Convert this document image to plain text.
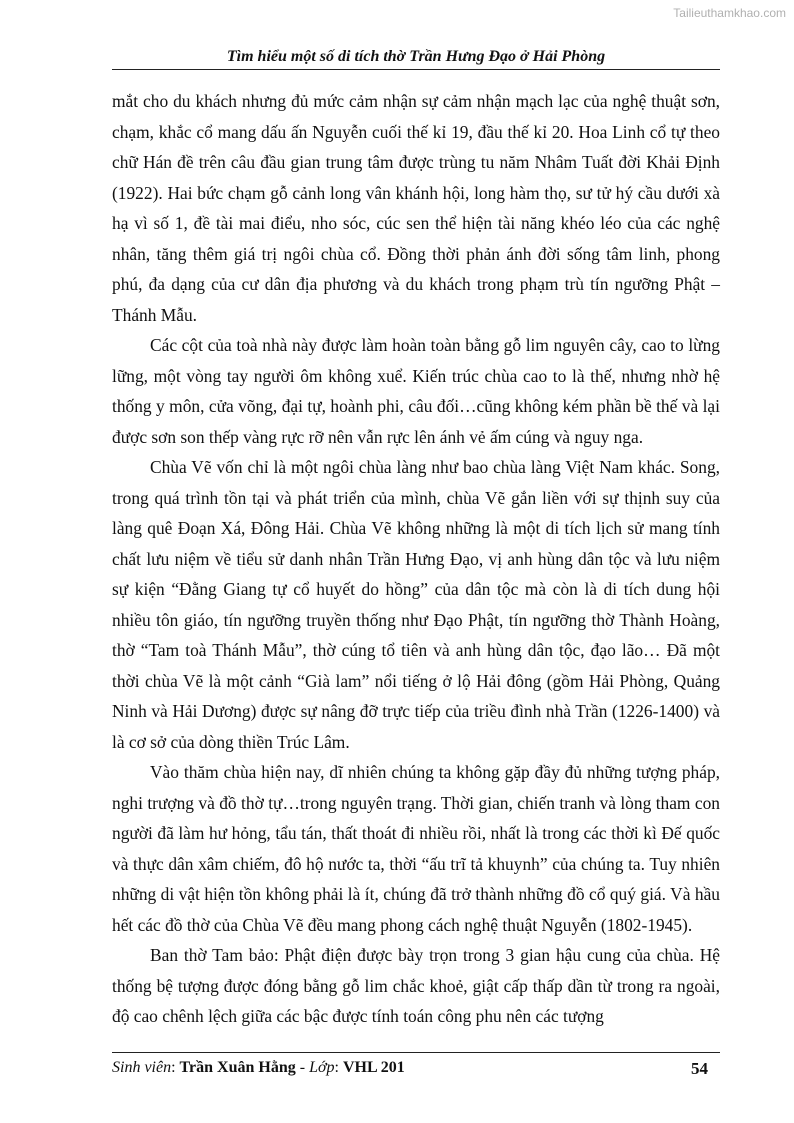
Tailieuthamkhao.com
Tìm hiểu một số di tích thờ Trần Hưng Đạo ở Hải Phòng

mắt cho du khách nhưng đủ mức cảm nhận sự cảm nhận mạch lạc của nghệ thuật sơn, chạm, khắc cổ mang dấu ấn Nguyễn cuối thế kỉ 19, đầu thế kỉ 20. Hoa Linh cổ tự theo chữ Hán đề trên câu đầu gian trung tâm được trùng tu năm Nhâm Tuất đời Khải Định (1922). Hai bức chạm gỗ cảnh long vân khánh hội, long hàm thọ, sư tử hý cầu dưới xà hạ vì số 1, đề tài mai điểu, nho sóc, cúc sen thể hiện tài năng khéo léo của các nghệ nhân, tăng thêm giá trị ngôi chùa cổ. Đồng thời phản ánh đời sống tâm linh, phong phú, đa dạng của cư dân địa phương và du khách trong phạm trù tín ngưỡng Phật – Thánh Mẫu.

Các cột của toà nhà này được làm hoàn toàn bằng gỗ lim nguyên cây, cao to lừng lững, một vòng tay người ôm không xuể. Kiến trúc chùa cao to là thế, nhưng nhờ hệ thống y môn, cửa võng, đại tự, hoành phi, câu đối…cũng không kém phần bề thế và lại được sơn son thếp vàng rực rỡ nên vẫn rực lên ánh vẻ ấm cúng và nguy nga.

Chùa Vẽ vốn chỉ là một ngôi chùa làng như bao chùa làng Việt Nam khác. Song, trong quá trình tồn tại và phát triển của mình, chùa Vẽ gắn liền với sự thịnh suy của làng quê Đoạn Xá, Đông Hải. Chùa Vẽ không những là một di tích lịch sử mang tính chất lưu niệm về tiểu sử danh nhân Trần Hưng Đạo, vị anh hùng dân tộc và lưu niệm sự kiện “Đằng Giang tự cổ huyết do hồng” của dân tộc mà còn là di tích dung hội nhiều tôn giáo, tín ngưỡng truyền thống như Đạo Phật, tín ngưỡng thờ Thành Hoàng, thờ “Tam toà Thánh Mẫu”, thờ cúng tổ tiên và anh hùng dân tộc, đạo lão… Đã một thời chùa Vẽ là một cảnh “Già lam” nổi tiếng ở lộ Hải đông (gồm Hải Phòng, Quảng Ninh và Hải Dương) được sự nâng đỡ trực tiếp của triều đình nhà Trần (1226-1400) và là cơ sở của dòng thiền Trúc Lâm.

Vào thăm chùa hiện nay, dĩ nhiên chúng ta không gặp đầy đủ những tượng pháp, nghi trượng và đồ thờ tự…trong nguyên trạng. Thời gian, chiến tranh và lòng tham con người đã làm hư hỏng, tẩu tán, thất thoát đi nhiều rồi, nhất là trong các thời kì Đế quốc và thực dân xâm chiếm, đô hộ nước ta, thời “ấu trĩ tả khuynh” của chúng ta. Tuy nhiên những di vật hiện tồn không phải là ít, chúng đã trở thành những đồ cổ quý giá. Và hầu hết các đồ thờ của Chùa Vẽ đều mang phong cách nghệ thuật Nguyễn (1802-1945).

Ban thờ Tam bảo: Phật điện được bày trọn trong 3 gian hậu cung của chùa. Hệ thống bệ tượng được đóng bằng gỗ lim chắc khoẻ, giật cấp thấp dần từ trong ra ngoài, độ cao chênh lệch giữa các bậc được tính toán công phu nên các tượng

Sinh viên: Trần Xuân Hằng - Lớp: VHL 201	54
